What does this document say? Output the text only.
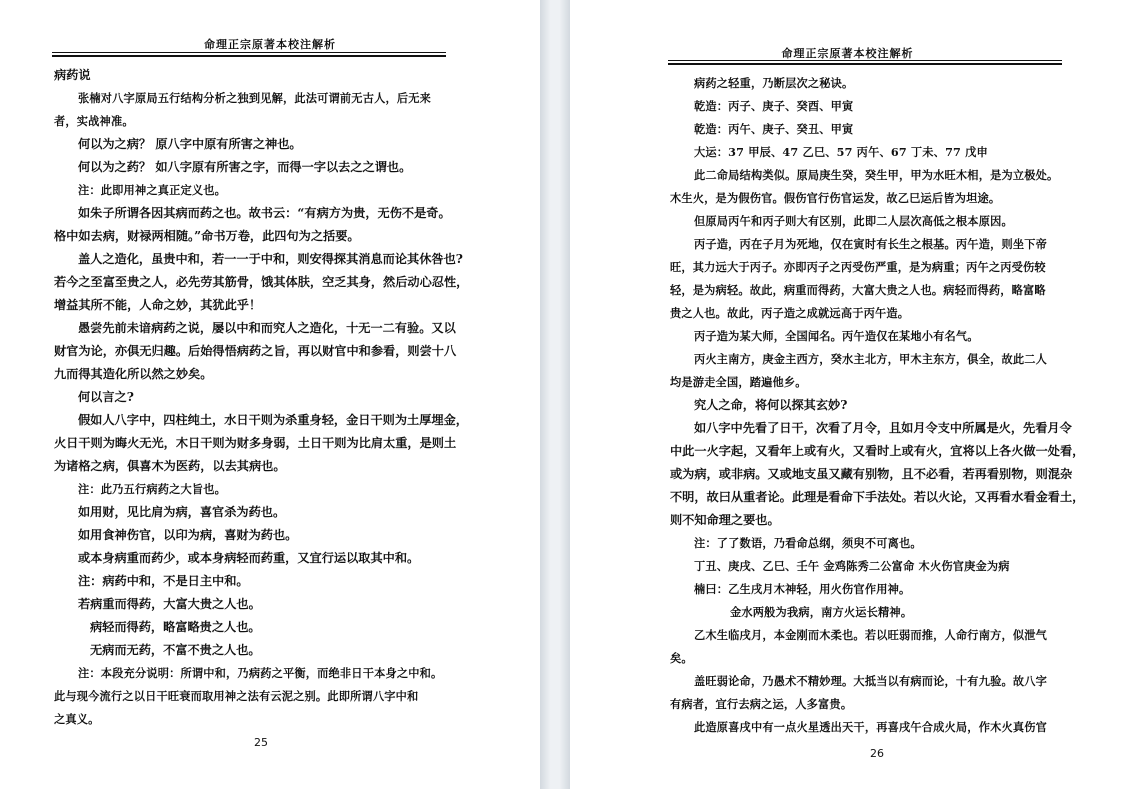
命理正宗原著本校注解析

病药说

张楠对八字原局五行结构分析之独到见解，此法可谓前无古人，后无来

者，实战神准。

何以为之病？ 原八字中原有所害之神也。

何以为之药？ 如八字原有所害之字，而得一字以去之之谓也。

注：此即用神之真正定义也。

如朱子所谓各因其病而药之也。故书云：“有病方为贵，无伤不是奇。

格中如去病，财禄两相随。”命书万卷，此四句为之括要。

盖人之造化，虽贵中和，若一一于中和，则安得探其消息而论其休咎也?

若今之至富至贵之人，必先劳其筋骨，饿其体肤，空乏其身，然后动心忍性，

增益其所不能，人命之妙，其犹此乎！

愚尝先前未谙病药之说，屡以中和而究人之造化，十无一二有验。又以

财官为论，亦俱无归趣。后始得悟病药之旨，再以财官中和参看，则尝十八

九而得其造化所以然之妙矣。

何以言之?

假如人八字中，四柱纯土，水日干则为杀重身轻，金日干则为土厚埋金，

火日干则为晦火无光，木日干则为财多身弱，土日干则为比肩太重，是则土

为诸格之病，俱喜木为医药，以去其病也。

注：此乃五行病药之大旨也。

如用财，见比肩为病，喜官杀为药也。

如用食神伤官，以印为病，喜财为药也。

或本身病重而药少，或本身病轻而药重，又宜行运以取其中和。

注：病药中和，不是日主中和。

若病重而得药，大富大贵之人也。

病轻而得药，略富略贵之人也。

无病而无药，不富不贵之人也。

注：本段充分说明：所谓中和，乃病药之平衡，而绝非日干本身之中和。

此与现今流行之以日干旺衰而取用神之法有云泥之别。此即所谓八字中和

之真义。

25
命理正宗原著本校注解析

病药之轻重，乃断层次之秘诀。

乾造：丙子、庚子、癸酉、甲寅

乾造：丙午、庚子、癸丑、甲寅

大运：37 甲辰、47 乙巳、57 丙午、67 丁未、77 戊申

此二命局结构类似。原局庚生癸，癸生甲，甲为水旺木相，是为立极处。

木生火，是为假伤官。假伤官行伤官运发，故乙巳运后皆为坦途。

但原局丙午和丙子则大有区别，此即二人层次高低之根本原因。

丙子造，丙在子月为死地，仅在寅时有长生之根基。丙午造，则坐下帝

旺，其力远大于丙子。亦即丙子之丙受伤严重，是为病重；丙午之丙受伤较

轻，是为病轻。故此，病重而得药，大富大贵之人也。病轻而得药，略富略

贵之人也。故此，丙子造之成就远高于丙午造。

丙子造为某大师，全国闻名。丙午造仅在某地小有名气。

丙火主南方，庚金主西方，癸水主北方，甲木主东方，俱全，故此二人

均是游走全国，踏遍他乡。

究人之命，将何以探其玄妙?

如八字中先看了日干，次看了月令，且如月令支中所属是火，先看月令

中此一火字起，又看年上或有火，又看时上或有火，宜将以上各火做一处看，

或为病，或非病。又或地支虽又藏有别物，且不必看，若再看别物，则混杂

不明，故曰从重者论。此理是看命下手法处。若以火论，又再看水看金看土，

则不知命理之要也。

注：了了数语，乃看命总纲，须臾不可离也。

丁丑、庚戌、乙巳、壬午 金鸡陈秀二公富命 木火伤官庚金为病

楠曰：乙生戌月木神轻，用火伤官作用神。

金水两般为我病，南方火运长精神。

乙木生临戌月，本金刚而木柔也。若以旺弱而推，人命行南方，似泄气

矣。

盖旺弱论命，乃愚术不精妙理。大抵当以有病而论，十有九验。故八字

有病者，宜行去病之运，人多富贵。

此造原喜戌中有一点火星透出天干，再喜戌午合成火局，作木火真伤官

26
